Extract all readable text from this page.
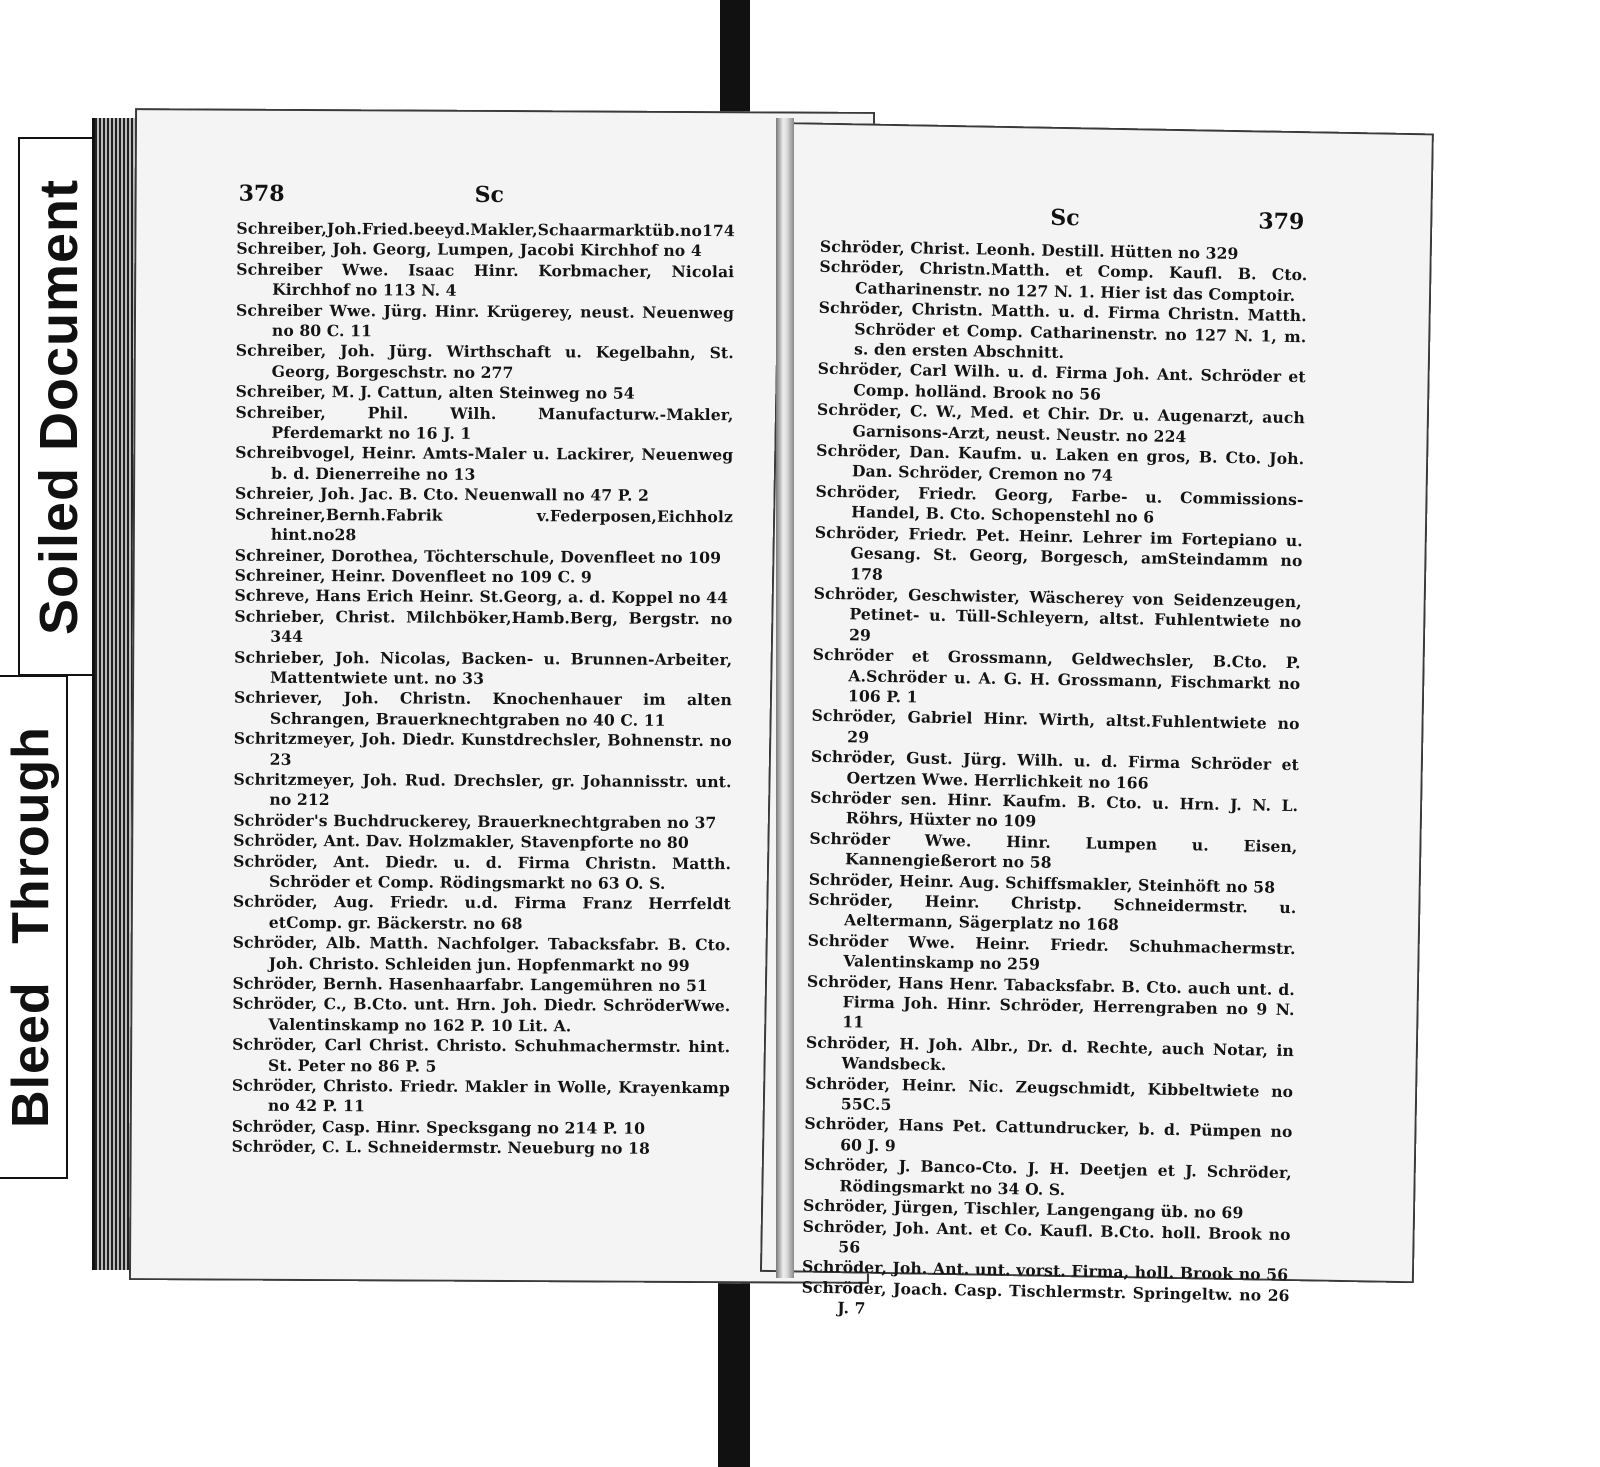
Soiled Document
Bleed Through
378	Sc
Schreiber,Joh.Fried.beeyd.Makler,Schaarmarktüb.no174
Schreiber, Joh. Georg, Lumpen, Jacobi Kirchhof no 4
Schreiber Wwe. Isaac Hinr. Korbmacher, Nicolai Kirchhof no 113 N. 4
Schreiber Wwe. Jürg. Hinr. Krügerey, neust. Neuenweg no 80 C. 11
Schreiber, Joh. Jürg. Wirthschaft u. Kegelbahn, St. Georg, Borgeschstr. no 277
Schreiber, M. J. Cattun, alten Steinweg no 54
Schreiber, Phil. Wilh. Manufacturw.-Makler, Pferdemarkt no 16 J. 1
Schreibvogel, Heinr. Amts-Maler u. Lackirer, Neuenweg b. d. Dienerreihe no 13
Schreier, Joh. Jac. B. Cto. Neuenwall no 47 P. 2
Schreiner,Bernh.Fabrik v.Federposen,Eichholz hint.no28
Schreiner, Dorothea, Töchterschule, Dovenfleet no 109
Schreiner, Heinr. Dovenfleet no 109 C. 9
Schreve, Hans Erich Heinr. St.Georg, a. d. Koppel no 44
Schrieber, Christ. Milchböker,Hamb.Berg, Bergstr. no 344
Schrieber, Joh. Nicolas, Backen- u. Brunnen-Arbeiter, Mattentwiete unt. no 33
Schriever, Joh. Christn. Knochenhauer im alten Schrangen, Brauerknechtgraben no 40 C. 11
Schritzmeyer, Joh. Diedr. Kunstdrechsler, Bohnenstr. no 23
Schritzmeyer, Joh. Rud. Drechsler, gr. Johannisstr. unt. no 212
Schröder's Buchdruckerey, Brauerknechtgraben no 37
Schröder, Ant. Dav. Holzmakler, Stavenpforte no 80
Schröder, Ant. Diedr. u. d. Firma Christn. Matth. Schröder et Comp. Rödingsmarkt no 63 O. S.
Schröder, Aug. Friedr. u.d. Firma Franz Herrfeldt etComp. gr. Bäckerstr. no 68
Schröder, Alb. Matth. Nachfolger. Tabacksfabr. B. Cto. Joh. Christo. Schleiden jun. Hopfenmarkt no 99
Schröder, Bernh. Hasenhaarfabr. Langemühren no 51
Schröder, C., B.Cto. unt. Hrn. Joh. Diedr. SchröderWwe. Valentinskamp no 162 P. 10 Lit. A.
Schröder, Carl Christ. Christo. Schuhmachermstr. hint. St. Peter no 86 P. 5
Schröder, Christo. Friedr. Makler in Wolle, Krayenkamp no 42 P. 11
Schröder, Casp. Hinr. Specksgang no 214 P. 10
Schröder, C. L. Schneidermstr. Neueburg no 18
Sc	379
Schröder, Christ. Leonh. Destill. Hütten no 329
Schröder, Christn.Matth. et Comp. Kaufl. B. Cto. Catharinenstr. no 127 N. 1. Hier ist das Comptoir.
Schröder, Christn. Matth. u. d. Firma Christn. Matth. Schröder et Comp. Catharinenstr. no 127 N. 1, m. s. den ersten Abschnitt.
Schröder, Carl Wilh. u. d. Firma Joh. Ant. Schröder et Comp. holländ. Brook no 56
Schröder, C. W., Med. et Chir. Dr. u. Augenarzt, auch Garnisons-Arzt, neust. Neustr. no 224
Schröder, Dan. Kaufm. u. Laken en gros, B. Cto. Joh. Dan. Schröder, Cremon no 74
Schröder, Friedr. Georg, Farbe- u. Commissions-Handel, B. Cto. Schopenstehl no 6
Schröder, Friedr. Pet. Heinr. Lehrer im Fortepiano u. Gesang. St. Georg, Borgesch, amSteindamm no 178
Schröder, Geschwister, Wäscherey von Seidenzeugen, Petinet- u. Tüll-Schleyern, altst. Fuhlentwiete no 29
Schröder et Grossmann, Geldwechsler, B.Cto. P. A.Schröder u. A. G. H. Grossmann, Fischmarkt no 106 P. 1
Schröder, Gabriel Hinr. Wirth, altst.Fuhlentwiete no 29
Schröder, Gust. Jürg. Wilh. u. d. Firma Schröder et Oertzen Wwe. Herrlichkeit no 166
Schröder sen. Hinr. Kaufm. B. Cto. u. Hrn. J. N. L. Röhrs, Hüxter no 109
Schröder Wwe. Hinr. Lumpen u. Eisen, Kannengießerort no 58
Schröder, Heinr. Aug. Schiffsmakler, Steinhöft no 58
Schröder, Heinr. Christp. Schneidermstr. u. Aeltermann, Sägerplatz no 168
Schröder Wwe. Heinr. Friedr. Schuhmachermstr. Valentinskamp no 259
Schröder, Hans Henr. Tabacksfabr. B. Cto. auch unt. d. Firma Joh. Hinr. Schröder, Herrengraben no 9 N. 11
Schröder, H. Joh. Albr., Dr. d. Rechte, auch Notar, in Wandsbeck.
Schröder, Heinr. Nic. Zeugschmidt, Kibbeltwiete no 55C.5
Schröder, Hans Pet. Cattundrucker, b. d. Pümpen no 60 J. 9
Schröder, J. Banco-Cto. J. H. Deetjen et J. Schröder, Rödingsmarkt no 34 O. S.
Schröder, Jürgen, Tischler, Langengang üb. no 69
Schröder, Joh. Ant. et Co. Kaufl. B.Cto. holl. Brook no 56
Schröder, Joh. Ant. unt. vorst. Firma, holl. Brook no 56
Schröder, Joach. Casp. Tischlermstr. Springeltw. no 26 J. 7
